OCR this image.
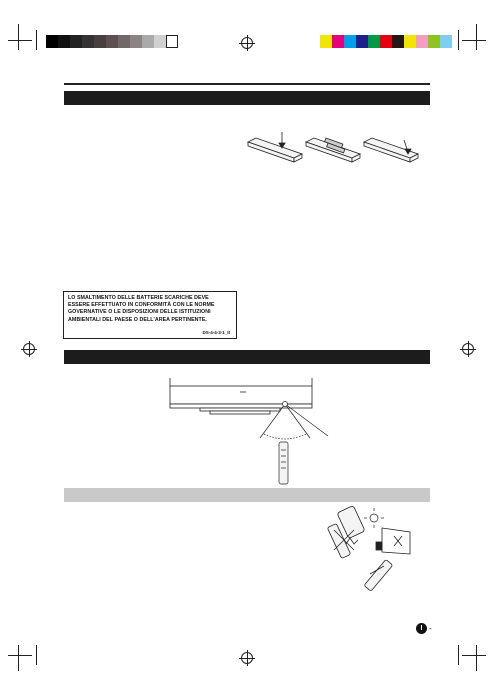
LO SMALTIMENTO DELLE BATTERIE SCARICHE DEVE ESSERE EFFETTUATO IN CONFORMITÀ CON LE NORME GOVERNATIVE O LE DISPOSIZIONI DELLE ISTITUZIONI AMBIENTALI DEL PAESE O DELL'AREA PERTINENTE.

DS-4-4-3-1_It
I -
